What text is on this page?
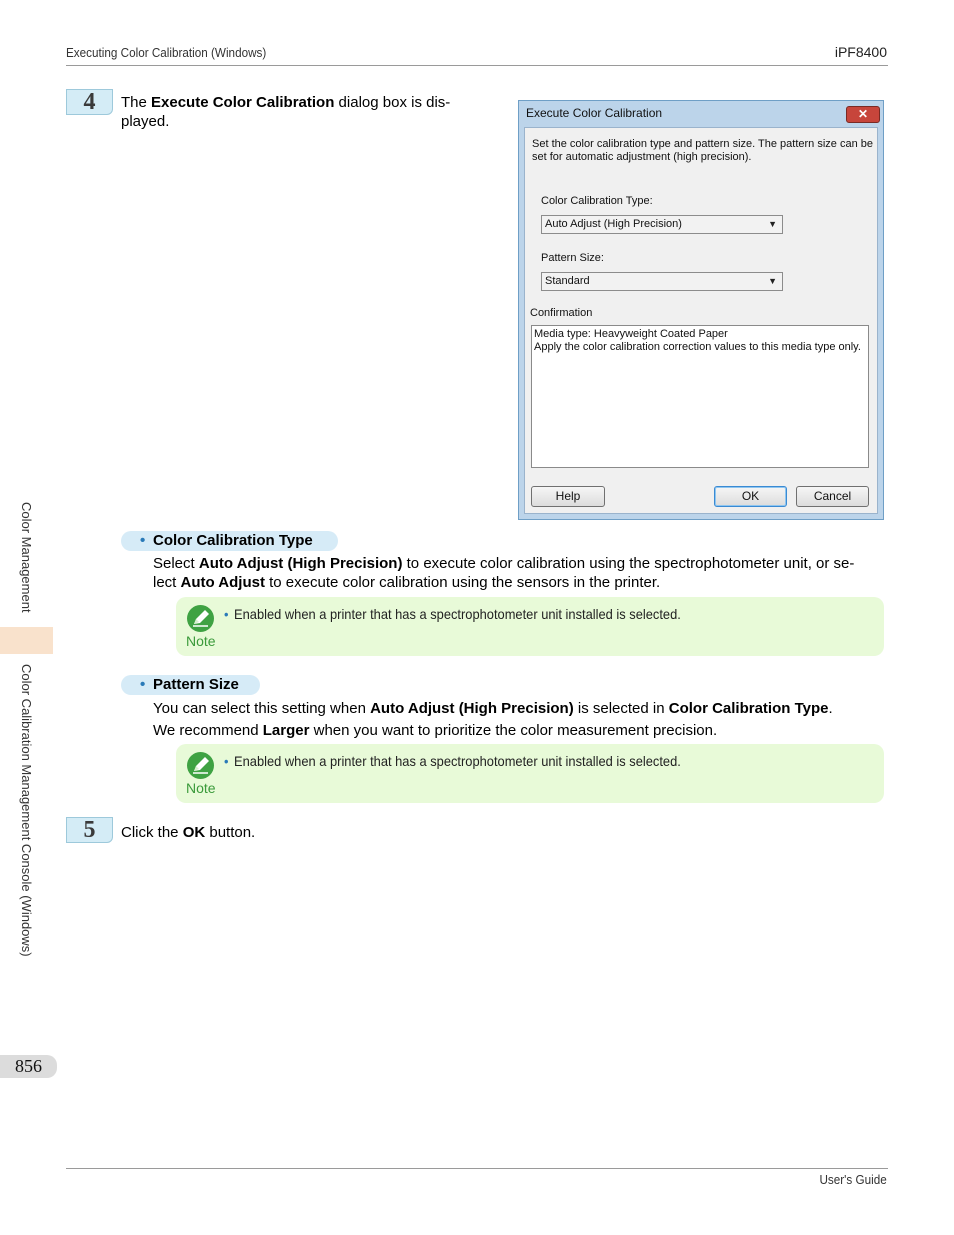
Executing Color Calibration (Windows)	iPF8400
Color Management
Color Calibration Management Console (Windows)
856
4	The Execute Color Calibration dialog box is dis-
played.	Execute Color Calibration	✕
Set the color calibration type and pattern size. The pattern size can be
set for automatic adjustment (high precision).
Color Calibration Type:
Auto Adjust (High Precision)	▼
Pattern Size:
Standard	▼
Confirmation
Media type: Heavyweight Coated Paper
Apply the color calibration correction values to this media type only.
Help	OK	Cancel
• Color Calibration Type
Select Auto Adjust (High Precision) to execute color calibration using the spectrophotometer unit, or se-
lect Auto Adjust to execute color calibration using the sensors in the printer.
Note
• Enabled when a printer that has a spectrophotometer unit installed is selected.
• Pattern Size
You can select this setting when Auto Adjust (High Precision) is selected in Color Calibration Type.
We recommend Larger when you want to prioritize the color measurement precision.
Note
• Enabled when a printer that has a spectrophotometer unit installed is selected.
5	Click the OK button.
User's Guide
